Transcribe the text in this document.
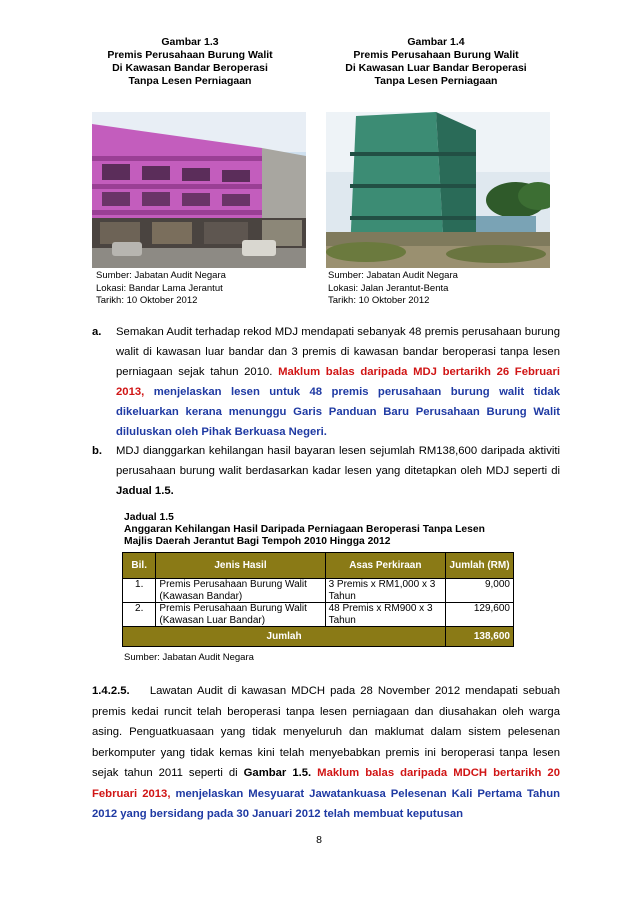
Gambar 1.3
Premis Perusahaan Burung Walit
Di Kawasan Bandar Beroperasi
Tanpa Lesen Perniagaan
Gambar 1.4
Premis Perusahaan Burung Walit
Di Kawasan Luar Bandar Beroperasi
Tanpa Lesen Perniagaan
Sumber: Jabatan Audit Negara
Lokasi: Bandar Lama Jerantut
Tarikh: 10 Oktober 2012
Sumber: Jabatan Audit Negara
Lokasi: Jalan Jerantut-Benta
Tarikh: 10 Oktober 2012
a. Semakan Audit terhadap rekod MDJ mendapati sebanyak 48 premis perusahaan burung walit di kawasan luar bandar dan 3 premis di kawasan bandar beroperasi tanpa lesen perniagaan sejak tahun 2010. Maklum balas daripada MDJ bertarikh 26 Februari 2013, menjelaskan lesen untuk 48 premis perusahaan burung walit tidak dikeluarkan kerana menunggu Garis Panduan Baru Perusahaan Burung Walit diluluskan oleh Pihak Berkuasa Negeri.
b. MDJ dianggarkan kehilangan hasil bayaran lesen sejumlah RM138,600 daripada aktiviti perusahaan burung walit berdasarkan kadar lesen yang ditetapkan oleh MDJ seperti di Jadual 1.5.
Jadual 1.5
Anggaran Kehilangan Hasil Daripada Perniagaan Beroperasi Tanpa Lesen
Majlis Daerah Jerantut Bagi Tempoh 2010 Hingga 2012
Bil.	Jenis Hasil	Asas Perkiraan	Jumlah (RM)
1.	Premis Perusahaan Burung Walit (Kawasan Bandar)	3 Premis x RM1,000 x 3 Tahun	9,000
2.	Premis Perusahaan Burung Walit (Kawasan Luar Bandar)	48 Premis x RM900 x 3 Tahun	129,600
Jumlah			138,600
Sumber: Jabatan Audit Negara
1.4.2.5. Lawatan Audit di kawasan MDCH pada 28 November 2012 mendapati sebuah premis kedai runcit telah beroperasi tanpa lesen perniagaan dan diusahakan oleh warga asing. Penguatkuasaan yang tidak menyeluruh dan maklumat dalam sistem pelesenan berkomputer yang tidak kemas kini telah menyebabkan premis ini beroperasi tanpa lesen sejak tahun 2011 seperti di Gambar 1.5. Maklum balas daripada MDCH bertarikh 20 Februari 2013, menjelaskan Mesyuarat Jawatankuasa Pelesenan Kali Pertama Tahun 2012 yang bersidang pada 30 Januari 2012 telah membuat keputusan
8
